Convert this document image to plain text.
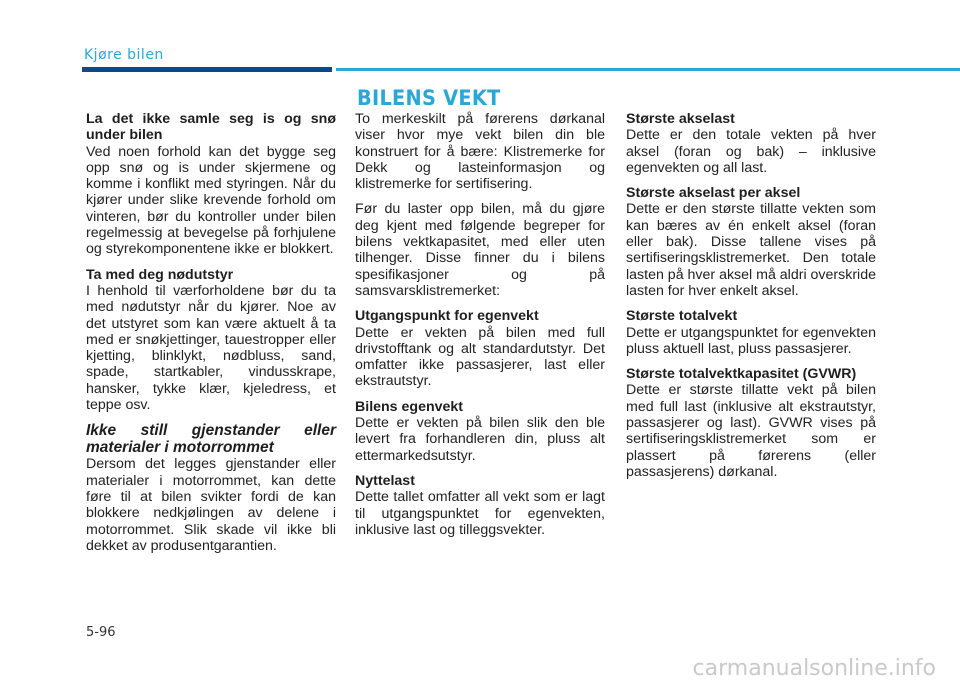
Kjøre bilen
BILENS VEKT

La det ikke samle seg is og snø under bilen

Ved noen forhold kan det bygge seg opp snø og is under skjermene og komme i konflikt med styringen. Når du kjører under slike krevende forhold om vinteren, bør du kontroller under bilen regelmessig at bevegelse på forhjulene og styrekomponentene ikke er blokkert.

Ta med deg nødutstyr

I henhold til værforholdene bør du ta med nødutstyr når du kjører. Noe av det utstyret som kan være aktuelt å ta med er snøkjettinger, tauestropper eller kjetting, blinklykt, nødbluss, sand, spade, startkabler, vindusskrape, hansker, tykke klær, kjeledress, et teppe osv.

Ikke still gjenstander eller materialer i motorrommet

Dersom det legges gjenstander eller materialer i motorrommet, kan dette føre til at bilen svikter fordi de kan blokkere nedkjølingen av delene i motorrommet. Slik skade vil ikke bli dekket av produsentgarantien.

To merkeskilt på førerens dørkanal viser hvor mye vekt bilen din ble konstruert for å bære: Klistremerke for Dekk og lasteinformasjon og klistremerke for sertifisering.

Før du laster opp bilen, må du gjøre deg kjent med følgende begreper for bilens vektkapasitet, med eller uten tilhenger. Disse finner du i bilens spesifikasjoner og på samsvarsklistremerket:

Utgangspunkt for egenvekt

Dette er vekten på bilen med full drivstofftank og alt standardutstyr. Det omfatter ikke passasjerer, last eller ekstrautstyr.

Bilens egenvekt

Dette er vekten på bilen slik den ble levert fra forhandleren din, pluss alt ettermarkedsutstyr.

Nyttelast

Dette tallet omfatter all vekt som er lagt til utgangspunktet for egenvekten, inklusive last og tilleggsvekter.

Største akselast

Dette er den totale vekten på hver aksel (foran og bak) – inklusive egenvekten og all last.

Største akselast per aksel

Dette er den største tillatte vekten som kan bæres av én enkelt aksel (foran eller bak). Disse tallene vises på sertifiseringsklistremerket. Den totale lasten på hver aksel må aldri overskride lasten for hver enkelt aksel.

Største totalvekt

Dette er utgangspunktet for egenvekten pluss aktuell last, pluss passasjerer.

Største totalvektkapasitet (GVWR)

Dette er største tillatte vekt på bilen med full last (inklusive alt ekstrautstyr, passasjerer og last). GVWR vises på sertifiseringsklistremerket som er plassert på førerens (eller passasjerens) dørkanal.

5-96
carmanualsonline.info
